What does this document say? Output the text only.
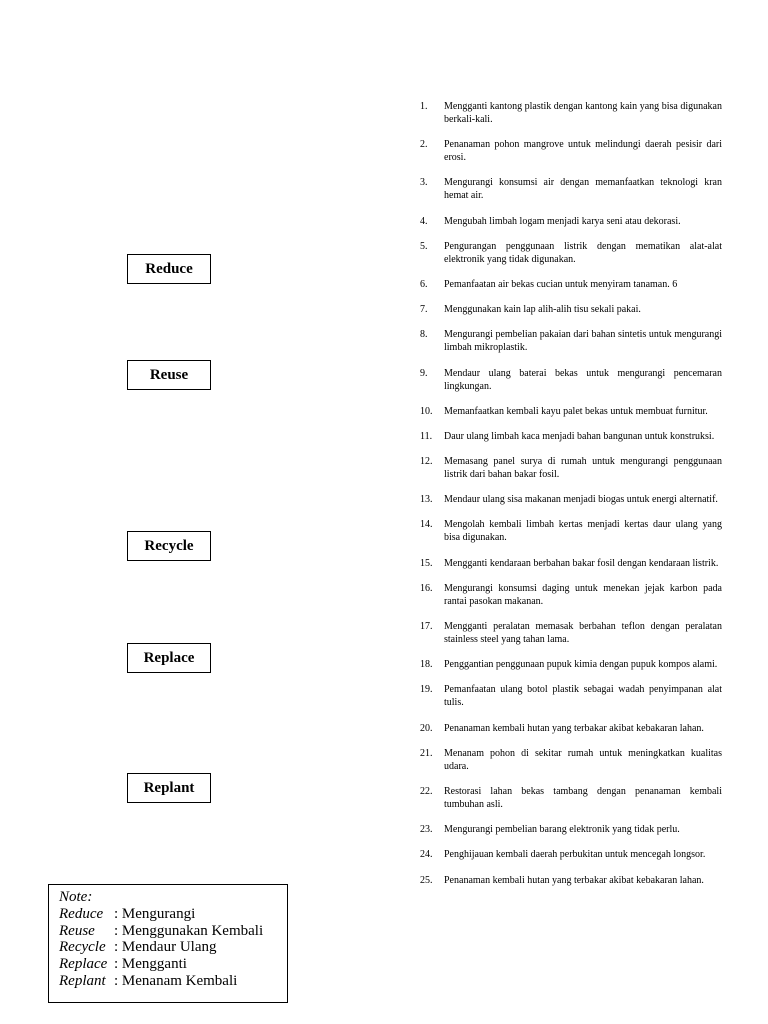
Reduce
Reuse
Recycle
Replace
Replant
1.	Mengganti kantong plastik dengan kantong kain yang bisa digunakan berkali-kali.
2.	Penanaman pohon mangrove untuk melindungi daerah pesisir dari erosi.
3.	Mengurangi konsumsi air dengan memanfaatkan teknologi kran hemat air.
4.	Mengubah limbah logam menjadi karya seni atau dekorasi.
5.	Pengurangan penggunaan listrik dengan mematikan alat-alat elektronik yang tidak digunakan.
6.	Pemanfaatan air bekas cucian untuk menyiram tanaman. 6
7.	Menggunakan kain lap alih-alih tisu sekali pakai.
8.	Mengurangi pembelian pakaian dari bahan sintetis untuk mengurangi limbah mikroplastik.
9.	Mendaur ulang baterai bekas untuk mengurangi pencemaran lingkungan.
10.	Memanfaatkan kembali kayu palet bekas untuk membuat furnitur.
11.	Daur ulang limbah kaca menjadi bahan bangunan untuk konstruksi.
12.	Memasang panel surya di rumah untuk mengurangi penggunaan listrik dari bahan bakar fosil.
13.	Mendaur ulang sisa makanan menjadi biogas untuk energi alternatif.
14.	Mengolah kembali limbah kertas menjadi kertas daur ulang yang bisa digunakan.
15.	Mengganti kendaraan berbahan bakar fosil dengan kendaraan listrik.
16.	Mengurangi konsumsi daging untuk menekan jejak karbon pada rantai pasokan makanan.
17.	Mengganti peralatan memasak berbahan teflon dengan peralatan stainless steel yang tahan lama.
18.	Penggantian penggunaan pupuk kimia dengan pupuk kompos alami.
19.	Pemanfaatan ulang botol plastik sebagai wadah penyimpanan alat tulis.
20.	Penanaman kembali hutan yang terbakar akibat kebakaran lahan.
21.	Menanam pohon di sekitar rumah untuk meningkatkan kualitas udara.
22.	Restorasi lahan bekas tambang dengan penanaman kembali tumbuhan asli.
23.	Mengurangi pembelian barang elektronik yang tidak perlu.
24.	Penghijauan kembali daerah perbukitan untuk mencegah longsor.
25.	Penanaman kembali hutan yang terbakar akibat kebakaran lahan.
Note:
Reduce : Mengurangi
Reuse	: Menggunakan Kembali
Recycle : Mendaur Ulang
Replace : Mengganti
Replant : Menanam Kembali
